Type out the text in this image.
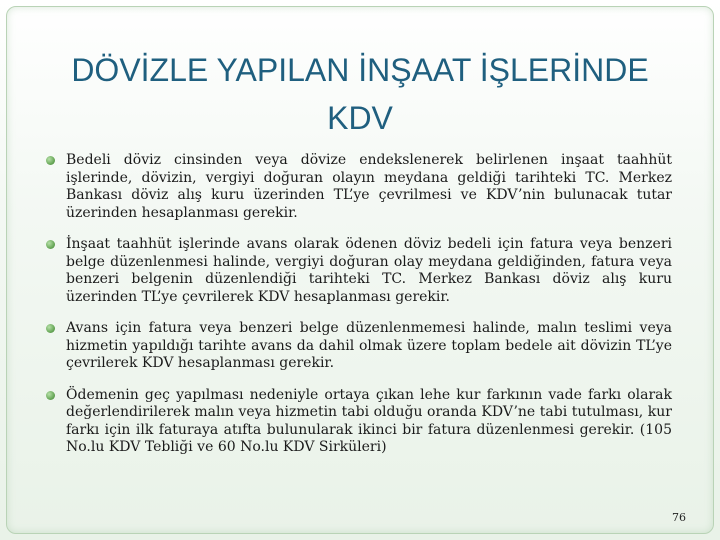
DÖVİZLE YAPILAN İNŞAAT İŞLERİNDE KDV
Bedeli döviz cinsinden veya dövize endekslenerek belirlenen inşaat taahhüt işlerinde, dövizin, vergiyi doğuran olayın meydana geldiği tarihteki TC. Merkez Bankası döviz alış kuru üzerinden TL’ye çevrilmesi ve KDV’nin bulunacak tutar üzerinden hesaplanması gerekir.
İnşaat taahhüt işlerinde avans olarak ödenen döviz bedeli için fatura veya benzeri belge düzenlenmesi halinde, vergiyi doğuran olay meydana geldiğinden, fatura veya benzeri belgenin düzenlendiği tarihteki TC. Merkez Bankası döviz alış kuru üzerinden TL’ye çevrilerek KDV hesaplanması gerekir.
Avans için fatura veya benzeri belge düzenlenmemesi halinde, malın teslimi veya hizmetin yapıldığı tarihte avans da dahil olmak üzere toplam bedele ait dövizin TL’ye çevrilerek KDV hesaplanması gerekir.
Ödemenin geç yapılması nedeniyle ortaya çıkan lehe kur farkının vade farkı olarak değerlendirilerek malın veya hizmetin tabi olduğu oranda KDV’ne tabi tutulması, kur farkı için ilk faturaya atıfta bulunularak ikinci bir fatura düzenlenmesi gerekir. (105 No.lu KDV Tebliği ve 60 No.lu KDV Sirküleri)
76
